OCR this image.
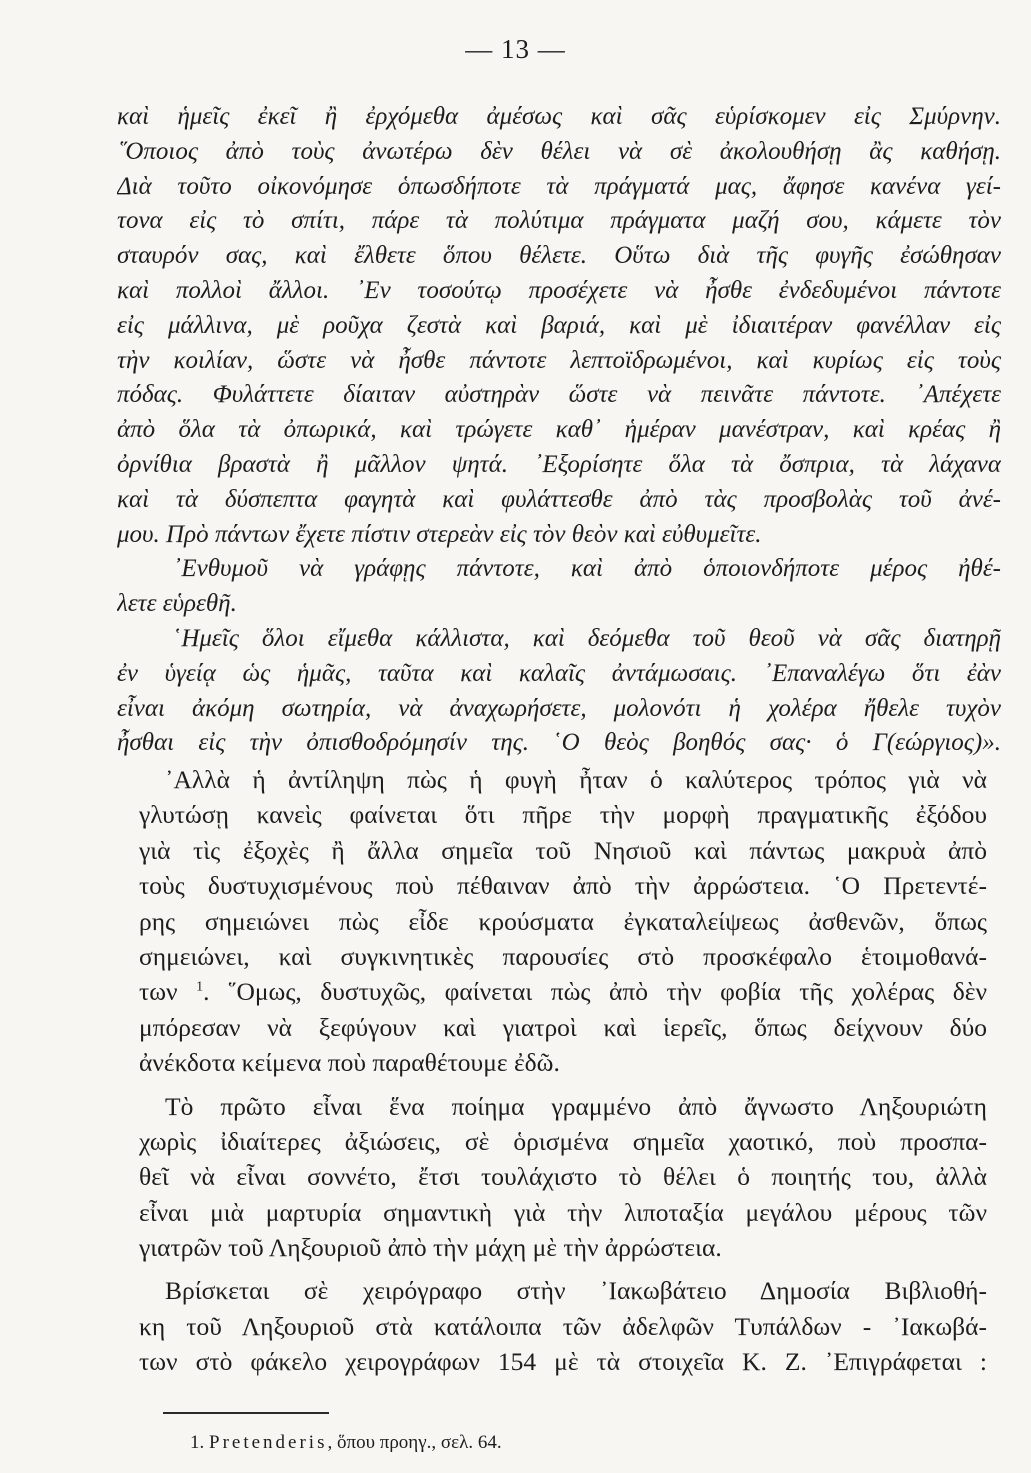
— 13 —
καὶ ἡμεῖς ἐκεῖ ἢ ἐρχόμεθα ἀμέσως καὶ σᾶς εὑρίσκομεν εἰς Σμύρνην.
῞Οποιος ἀπὸ τοὺς ἀνωτέρω δὲν θέλει νὰ σὲ ἀκολουθήσῃ ἂς καθήσῃ.
Διὰ τοῦτο οἰκονόμησε ὁπωσδήποτε τὰ πράγματά μας, ἄφησε κανένα γεί-
τονα εἰς τὸ σπίτι, πάρε τὰ πολύτιμα πράγματα μαζή σου, κάμετε τὸν
σταυρόν σας, καὶ ἔλθετε ὅπου θέλετε. Οὕτω διὰ τῆς φυγῆς ἐσώθησαν
καὶ πολλοὶ ἄλλοι. ᾿Εν τοσούτῳ προσέχετε νὰ ἦσθε ἐνδεδυμένοι πάντοτε
εἰς μάλλινα, μὲ ροῦχα ζεστὰ καὶ βαριά, καὶ μὲ ἰδιαιτέραν φανέλλαν εἰς
τὴν κοιλίαν, ὥστε νὰ ἦσθε πάντοτε λεπτοϊδρωμένοι, καὶ κυρίως εἰς τοὺς
πόδας. Φυλάττετε δίαιταν αὐστηρὰν ὥστε νὰ πεινᾶτε πάντοτε. ᾿Απέχετε
ἀπὸ ὅλα τὰ ὀπωρικά, καὶ τρώγετε καθ᾿ ἡμέραν μανέστραν, καὶ κρέας ἢ
ὀρνίθια βραστὰ ἢ μᾶλλον ψητά. ᾿Εξορίσητε ὅλα τὰ ὄσπρια, τὰ λάχανα
καὶ τὰ δύσπεπτα φαγητὰ καὶ φυλάττεσθε ἀπὸ τὰς προσβολὰς τοῦ ἀνέ-
μου. Πρὸ πάντων ἔχετε πίστιν στερεὰν εἰς τὸν θεὸν καὶ εὐθυμεῖτε.
᾿Ενθυμοῦ νὰ γράφῃς πάντοτε, καὶ ἀπὸ ὁποιονδήποτε μέρος ἠθέ-
λετε εὑρεθῆ.
῾Ημεῖς ὅλοι εἴμεθα κάλλιστα, καὶ δεόμεθα τοῦ θεοῦ νὰ σᾶς διατηρῇ
ἐν ὑγείᾳ ὡς ἡμᾶς, ταῦτα καὶ καλαῖς ἀντάμωσαις. ᾿Επαναλέγω ὅτι ἐὰν
εἶναι ἀκόμη σωτηρία, νὰ ἀναχωρήσετε, μολονότι ἡ χολέρα ἤθελε τυχὸν
ἦσθαι εἰς τὴν ὀπισθοδρόμησίν της. ῾Ο θεὸς βοηθός σας· ὁ Γ(εώργιος)».
᾿Αλλὰ ἡ ἀντίληψη πὼς ἡ φυγὴ ἦταν ὁ καλύτερος τρόπος γιὰ νὰ
γλυτώσῃ κανεὶς φαίνεται ὅτι πῆρε τὴν μορφὴ πραγματικῆς ἐξόδου
γιὰ τὶς ἐξοχὲς ἢ ἄλλα σημεῖα τοῦ Νησιοῦ καὶ πάντως μακρυὰ ἀπὸ
τοὺς δυστυχισμένους ποὺ πέθαιναν ἀπὸ τὴν ἀρρώστεια. ῾Ο Πρετεντέ-
ρης σημειώνει πὼς εἶδε κρούσματα ἐγκαταλείψεως ἀσθενῶν, ὅπως
σημειώνει, καὶ συγκινητικὲς παρουσίες στὸ προσκέφαλο ἑτοιμοθανά-
των $^1$. ῞Ομως, δυστυχῶς, φαίνεται πὼς ἀπὸ τὴν φοβία τῆς χολέρας δὲν
μπόρεσαν νὰ ξεφύγουν καὶ γιατροὶ καὶ ἱερεῖς, ὅπως δείχνουν δύο
ἀνέκδοτα κείμενα ποὺ παραθέτουμε ἐδῶ.
Τὸ πρῶτο εἶναι ἕνα ποίημα γραμμένο ἀπὸ ἄγνωστο Ληξουριώτη
χωρὶς ἰδιαίτερες ἀξιώσεις, σὲ ὁρισμένα σημεῖα χαοτικό, ποὺ προσπα-
θεῖ νὰ εἶναι σοννέτο, ἔτσι τουλάχιστο τὸ θέλει ὁ ποιητής του, ἀλλὰ
εἶναι μιὰ μαρτυρία σημαντικὴ γιὰ τὴν λιποταξία μεγάλου μέρους τῶν
γιατρῶν τοῦ Ληξουριοῦ ἀπὸ τὴν μάχη μὲ τὴν ἀρρώστεια.
Βρίσκεται σὲ χειρόγραφο στὴν ᾿Ιακωβάτειο Δημοσία Βιβλιοθή-
κη τοῦ Ληξουριοῦ στὰ κατάλοιπα τῶν ἀδελφῶν Τυπάλδων - ᾿Ιακωβά-
των στὸ φάκελο χειρογράφων 154 μὲ τὰ στοιχεῖα Κ. Ζ. ᾿Επιγράφεται :
1. Pretenderis, ὅπου προηγ., σελ. 64.
